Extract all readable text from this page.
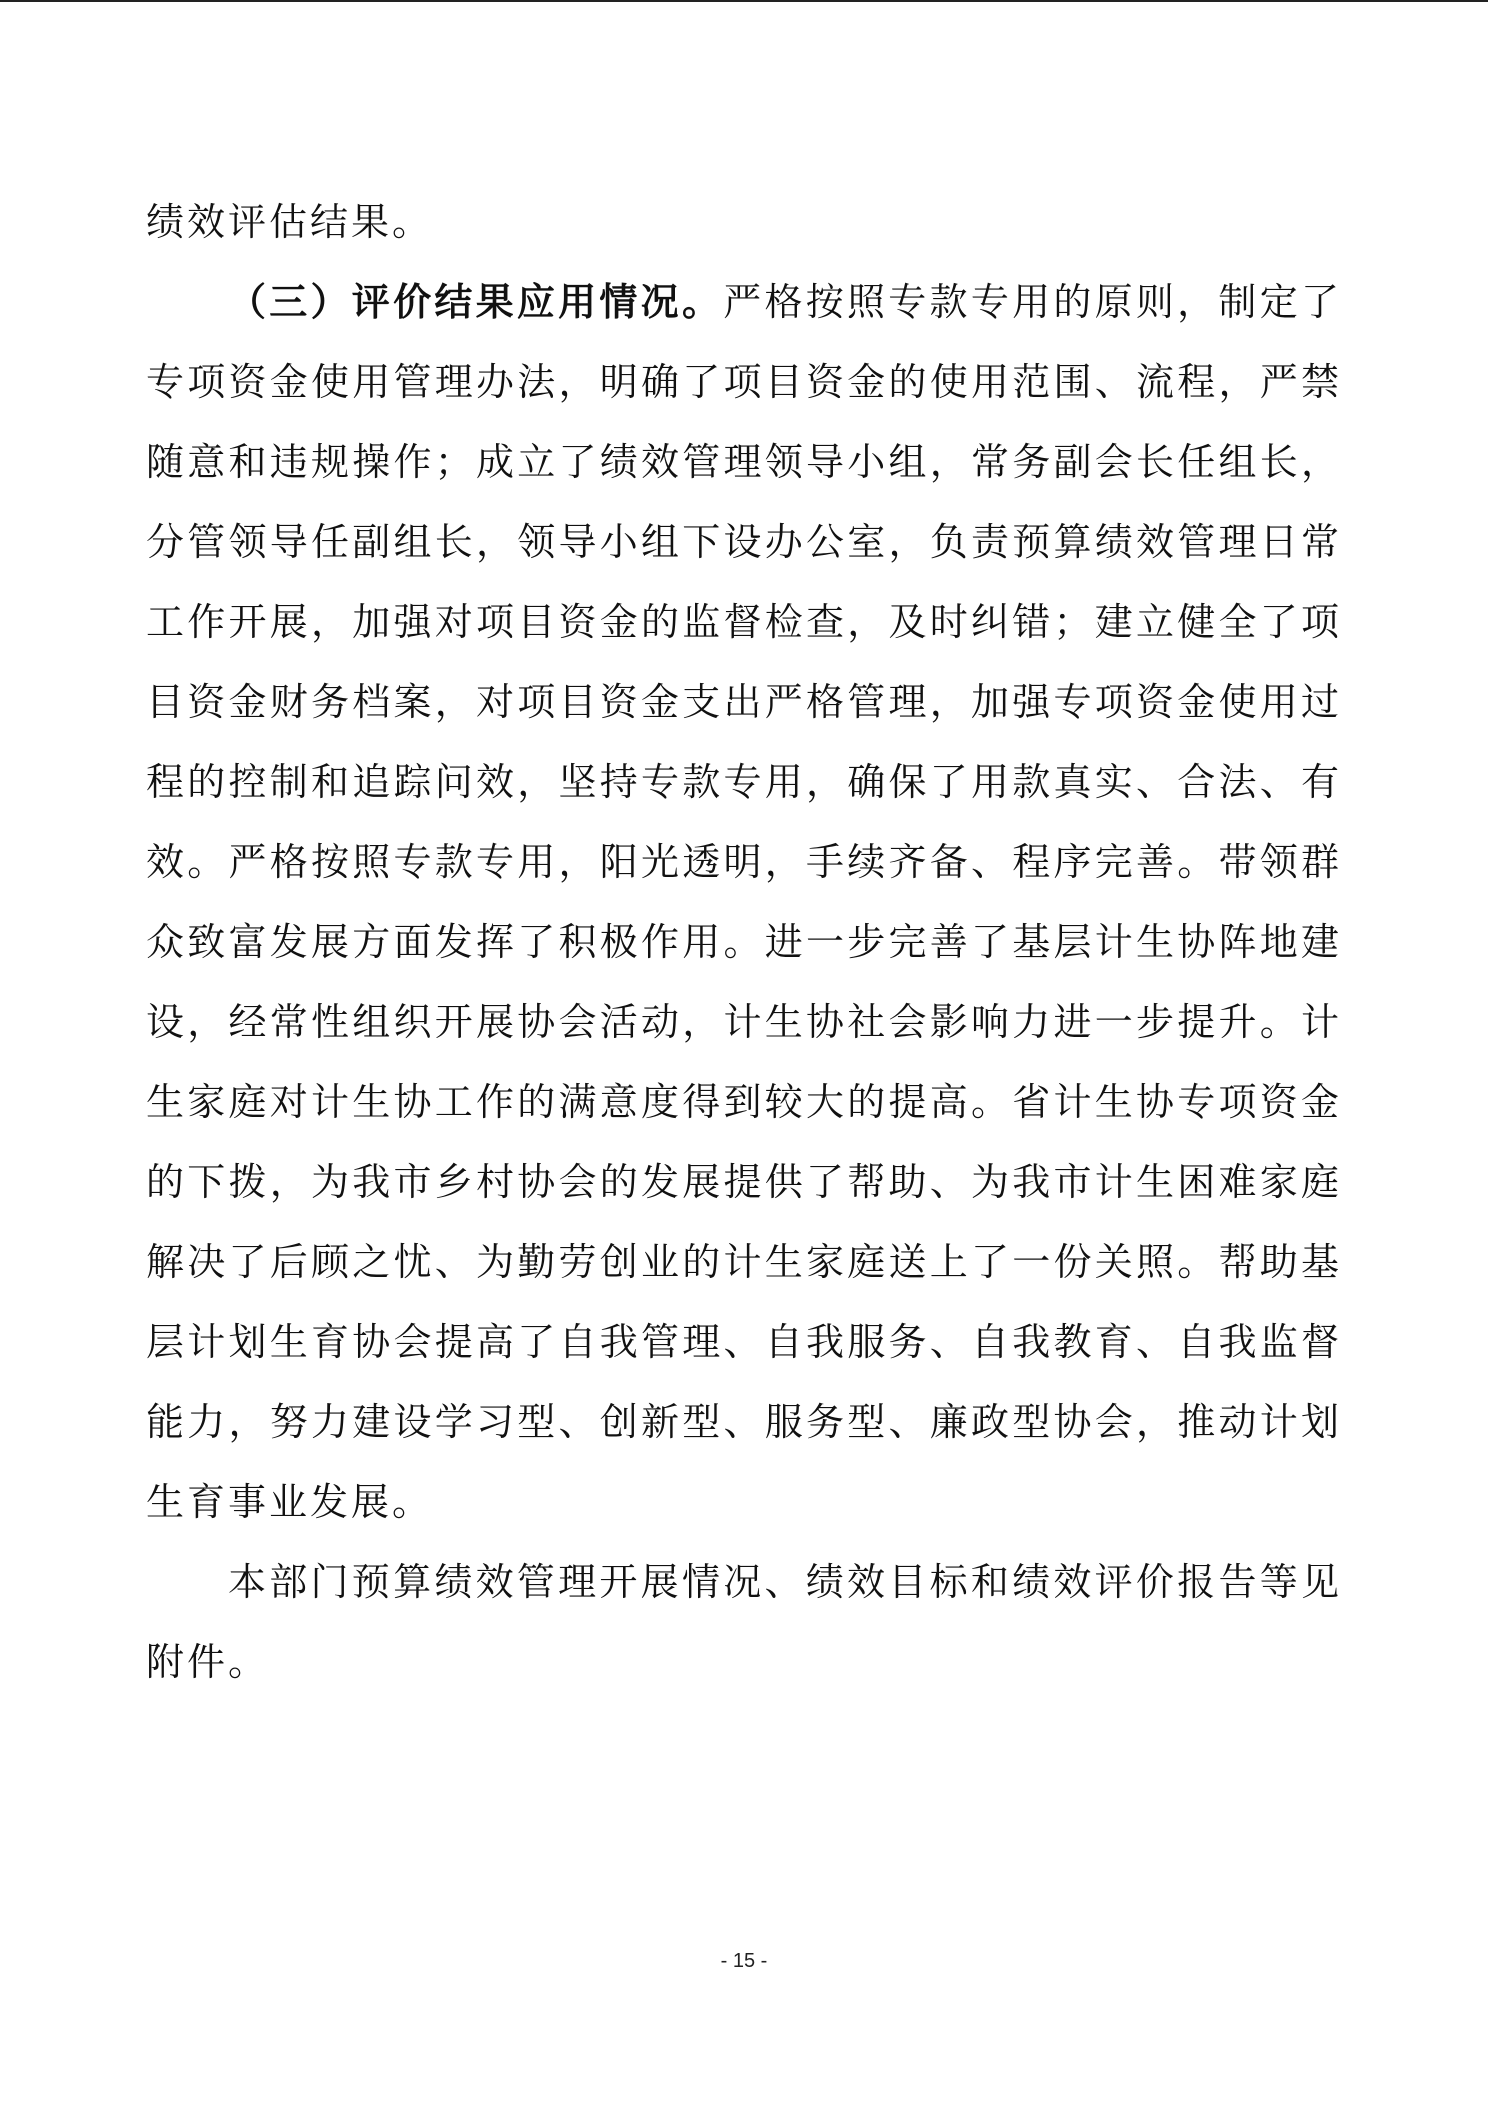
绩效评估结果。

（三）评价结果应用情况。严格按照专款专用的原则，制定了专项资金使用管理办法，明确了项目资金的使用范围、流程，严禁随意和违规操作；成立了绩效管理领导小组，常务副会长任组长，分管领导任副组长，领导小组下设办公室，负责预算绩效管理日常工作开展，加强对项目资金的监督检查，及时纠错；建立健全了项目资金财务档案，对项目资金支出严格管理，加强专项资金使用过程的控制和追踪问效，坚持专款专用，确保了用款真实、合法、有效。严格按照专款专用，阳光透明，手续齐备、程序完善。带领群众致富发展方面发挥了积极作用。进一步完善了基层计生协阵地建设，经常性组织开展协会活动，计生协社会影响力进一步提升。计生家庭对计生协工作的满意度得到较大的提高。省计生协专项资金的下拨，为我市乡村协会的发展提供了帮助、为我市计生困难家庭解决了后顾之忧、为勤劳创业的计生家庭送上了一份关照。帮助基层计划生育协会提高了自我管理、自我服务、自我教育、自我监督能力，努力建设学习型、创新型、服务型、廉政型协会，推动计划生育事业发展。

本部门预算绩效管理开展情况、绩效目标和绩效评价报告等见附件。

- 15 -
